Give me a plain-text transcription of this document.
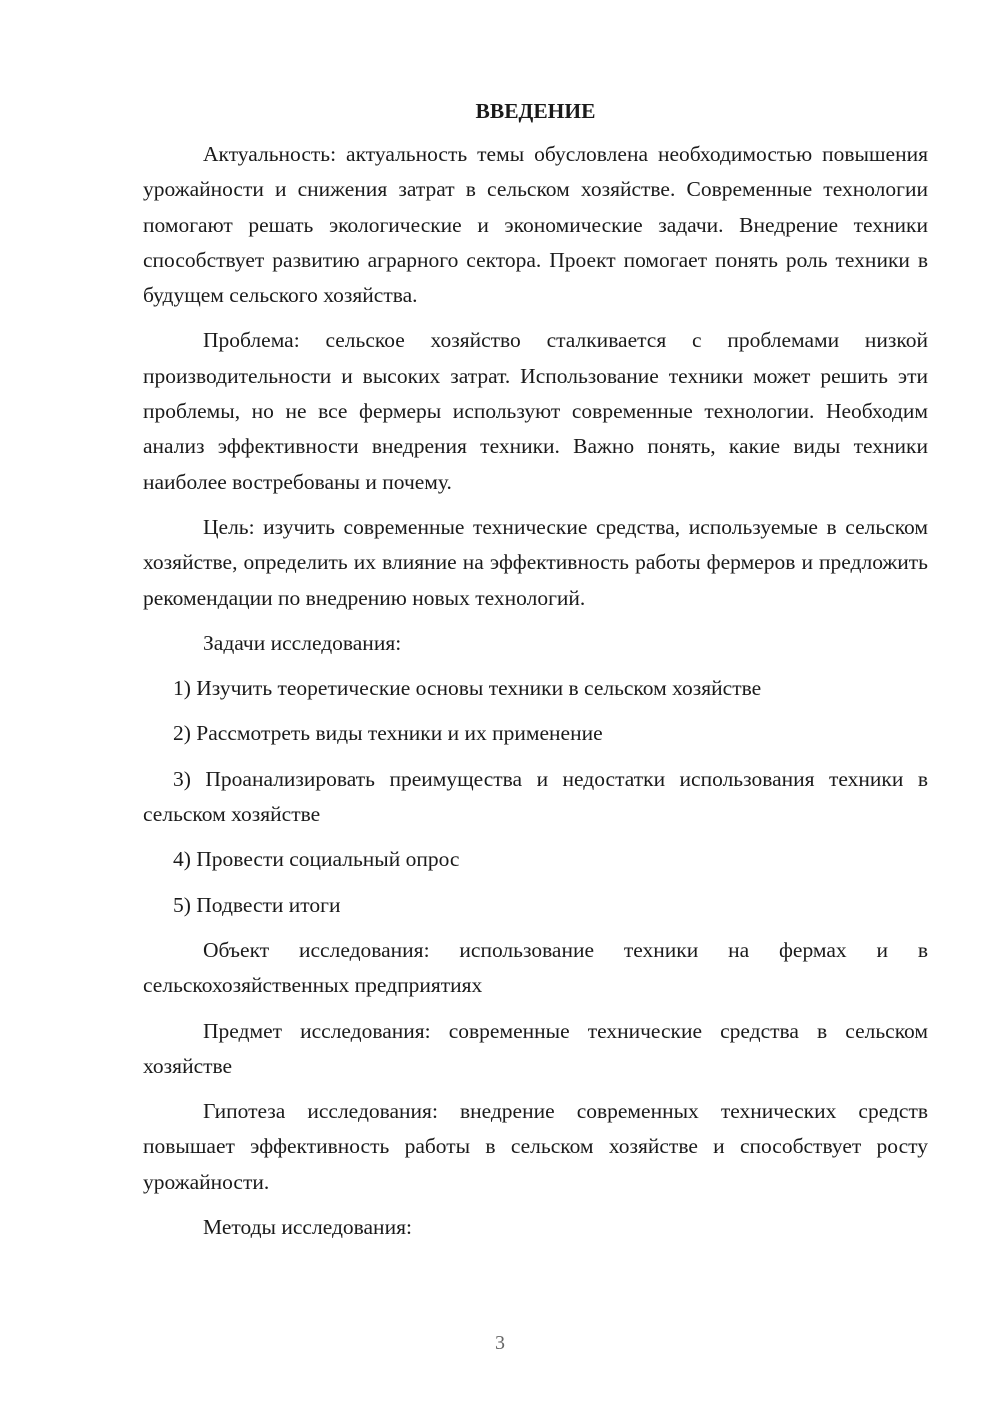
ВВЕДЕНИЕ

Актуальность: актуальность темы обусловлена необходимостью повышения урожайности и снижения затрат в сельском хозяйстве. Современные технологии помогают решать экологические и экономические задачи. Внедрение техники способствует развитию аграрного сектора. Проект помогает понять роль техники в будущем сельского хозяйства.

Проблема: сельское хозяйство сталкивается с проблемами низкой производительности и высоких затрат. Использование техники может решить эти проблемы, но не все фермеры используют современные технологии. Необходим анализ эффективности внедрения техники. Важно понять, какие виды техники наиболее востребованы и почему.

Цель: изучить современные технические средства, используемые в сельском хозяйстве, определить их влияние на эффективность работы фермеров и предложить рекомендации по внедрению новых технологий.

Задачи исследования:

1) Изучить теоретические основы техники в сельском хозяйстве

2) Рассмотреть виды техники и их применение

3) Проанализировать преимущества и недостатки использования техники в сельском хозяйстве

4) Провести социальный опрос

5) Подвести итоги

Объект исследования: использование техники на фермах и в сельскохозяйственных предприятиях

Предмет исследования: современные технические средства в сельском хозяйстве

Гипотеза исследования: внедрение современных технических средств повышает эффективность работы в сельском хозяйстве и способствует росту урожайности.

Методы исследования:

3
